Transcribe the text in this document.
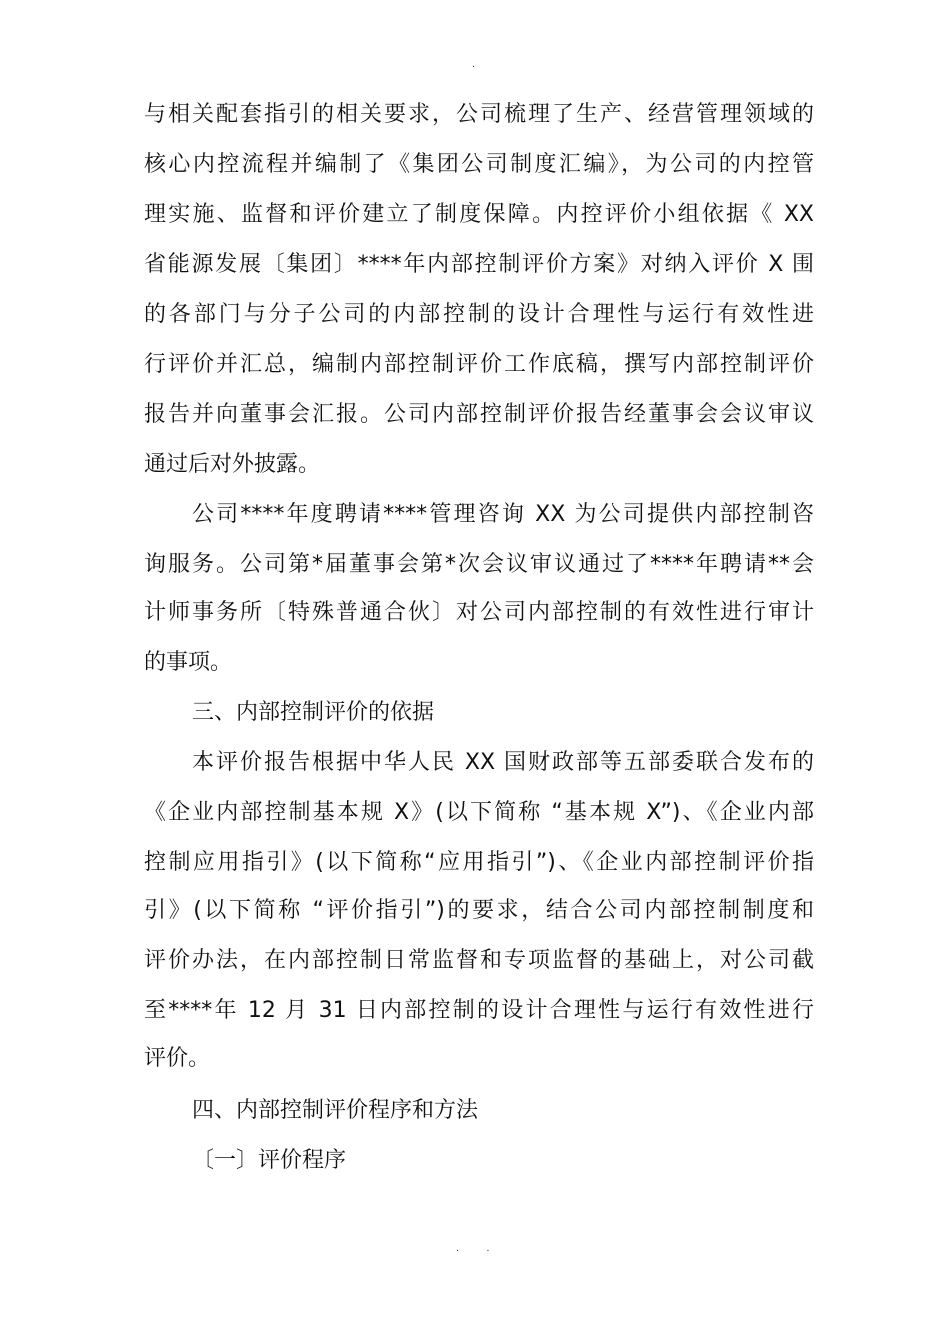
.
与相关配套指引的相关要求，公司梳理了生产、经营管理领域的
核心内控流程并编制了《集团公司制度汇编》，为公司的内控管
理实施、监督和评价建立了制度保障。内控评价小组依据《 XX
省能源发展〔集团〕****年内部控制评价方案》对纳入评价 X 围
的各部门与分子公司的内部控制的设计合理性与运行有效性进
行评价并汇总，编制内部控制评价工作底稿，撰写内部控制评价
报告并向董事会汇报。公司内部控制评价报告经董事会会议审议
通过后对外披露。
公司****年度聘请****管理咨询 XX 为公司提供内部控制咨
询服务。公司第*届董事会第*次会议审议通过了****年聘请**会
计师事务所〔特殊普通合伙〕对公司内部控制的有效性进行审计
的事项。
三、内部控制评价的依据
本评价报告根据中华人民 XX 国财政部等五部委联合发布的
《企业内部控制基本规 X》(以下简称 “基本规 X”)、《企业内部
控制应用指引》(以下简称“应用指引”)、《企业内部控制评价指
引》(以下简称 “评价指引”)的要求，结合公司内部控制制度和
评价办法，在内部控制日常监督和专项监督的基础上，对公司截
至****年 12 月 31 日内部控制的设计合理性与运行有效性进行
评价。
四、内部控制评价程序和方法
〔一〕评价程序
. .
